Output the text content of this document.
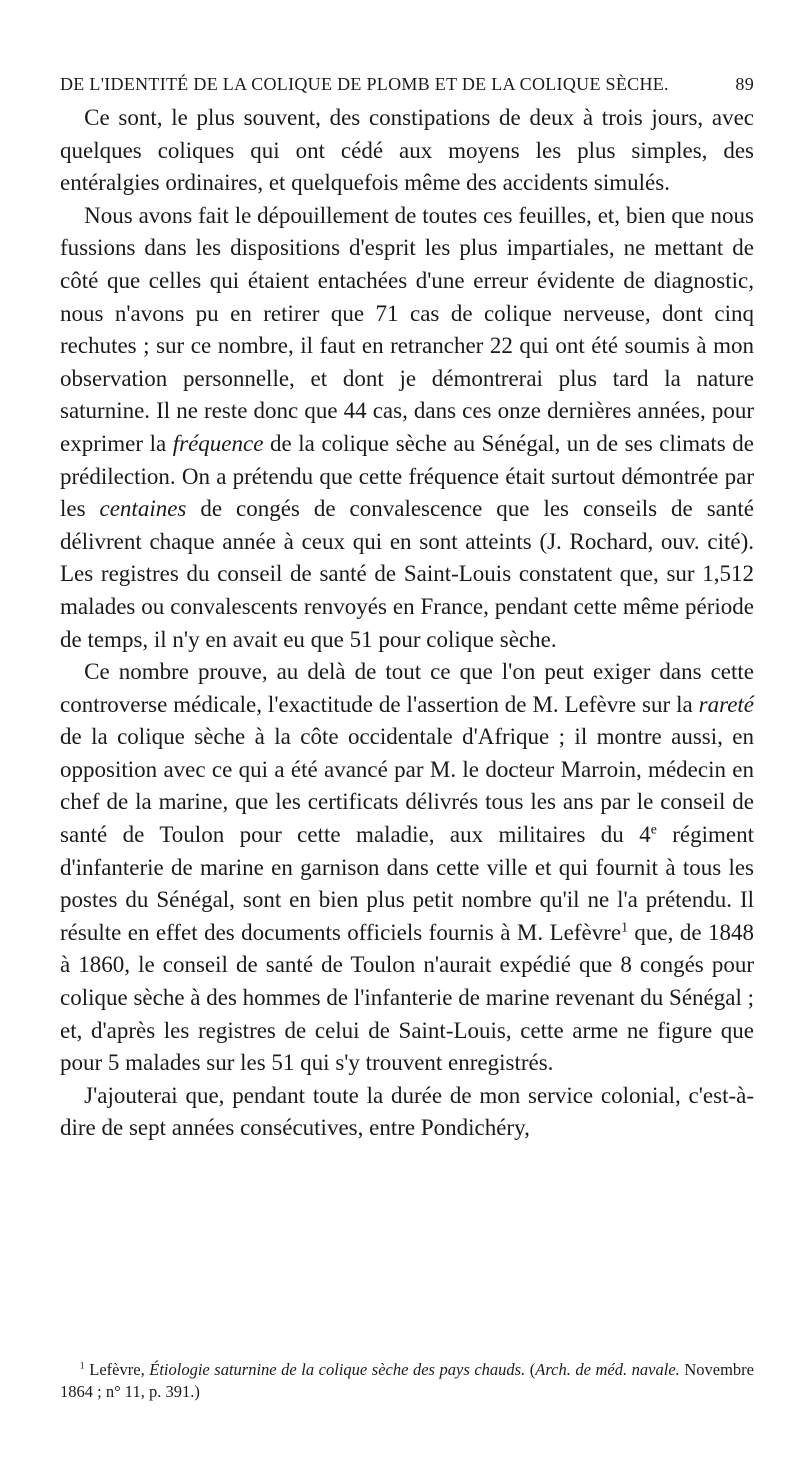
DE L'IDENTITÉ DE LA COLIQUE DE PLOMB ET DE LA COLIQUE SÈCHE.	89

Ce sont, le plus souvent, des constipations de deux à trois jours, avec quelques coliques qui ont cédé aux moyens les plus simples, des entéralgies ordinaires, et quelquefois même des accidents simulés.

Nous avons fait le dépouillement de toutes ces feuilles, et, bien que nous fussions dans les dispositions d'esprit les plus impartiales, ne mettant de côté que celles qui étaient entachées d'une erreur évidente de diagnostic, nous n'avons pu en retirer que 71 cas de colique nerveuse, dont cinq rechutes ; sur ce nombre, il faut en retrancher 22 qui ont été soumis à mon observation personnelle, et dont je démontrerai plus tard la nature saturnine. Il ne reste donc que 44 cas, dans ces onze dernières années, pour exprimer la fréquence de la colique sèche au Sénégal, un de ses climats de prédilection. On a prétendu que cette fréquence était surtout démontrée par les centaines de congés de convalescence que les conseils de santé délivrent chaque année à ceux qui en sont atteints (J. Rochard, ouv. cité). Les registres du conseil de santé de Saint-Louis constatent que, sur 1,512 malades ou convalescents renvoyés en France, pendant cette même période de temps, il n'y en avait eu que 51 pour colique sèche.

Ce nombre prouve, au delà de tout ce que l'on peut exiger dans cette controverse médicale, l'exactitude de l'assertion de M. Lefèvre sur la rareté de la colique sèche à la côte occidentale d'Afrique ; il montre aussi, en opposition avec ce qui a été avancé par M. le docteur Marroin, médecin en chef de la marine, que les certificats délivrés tous les ans par le conseil de santé de Toulon pour cette maladie, aux militaires du 4e régiment d'infanterie de marine en garnison dans cette ville et qui fournit à tous les postes du Sénégal, sont en bien plus petit nombre qu'il ne l'a prétendu. Il résulte en effet des documents officiels fournis à M. Lefèvre$^1$ que, de 1848 à 1860, le conseil de santé de Toulon n'aurait expédié que 8 congés pour colique sèche à des hommes de l'infanterie de marine revenant du Sénégal ; et, d'après les registres de celui de Saint-Louis, cette arme ne figure que pour 5 malades sur les 51 qui s'y trouvent enregistrés.

J'ajouterai que, pendant toute la durée de mon service colonial, c'est-à-dire de sept années consécutives, entre Pondichéry,

$^1$ Lefèvre, Étiologie saturnine de la colique sèche des pays chauds. (Arch. de méd. navale. Novembre 1864 ; n° 11, p. 391.)
